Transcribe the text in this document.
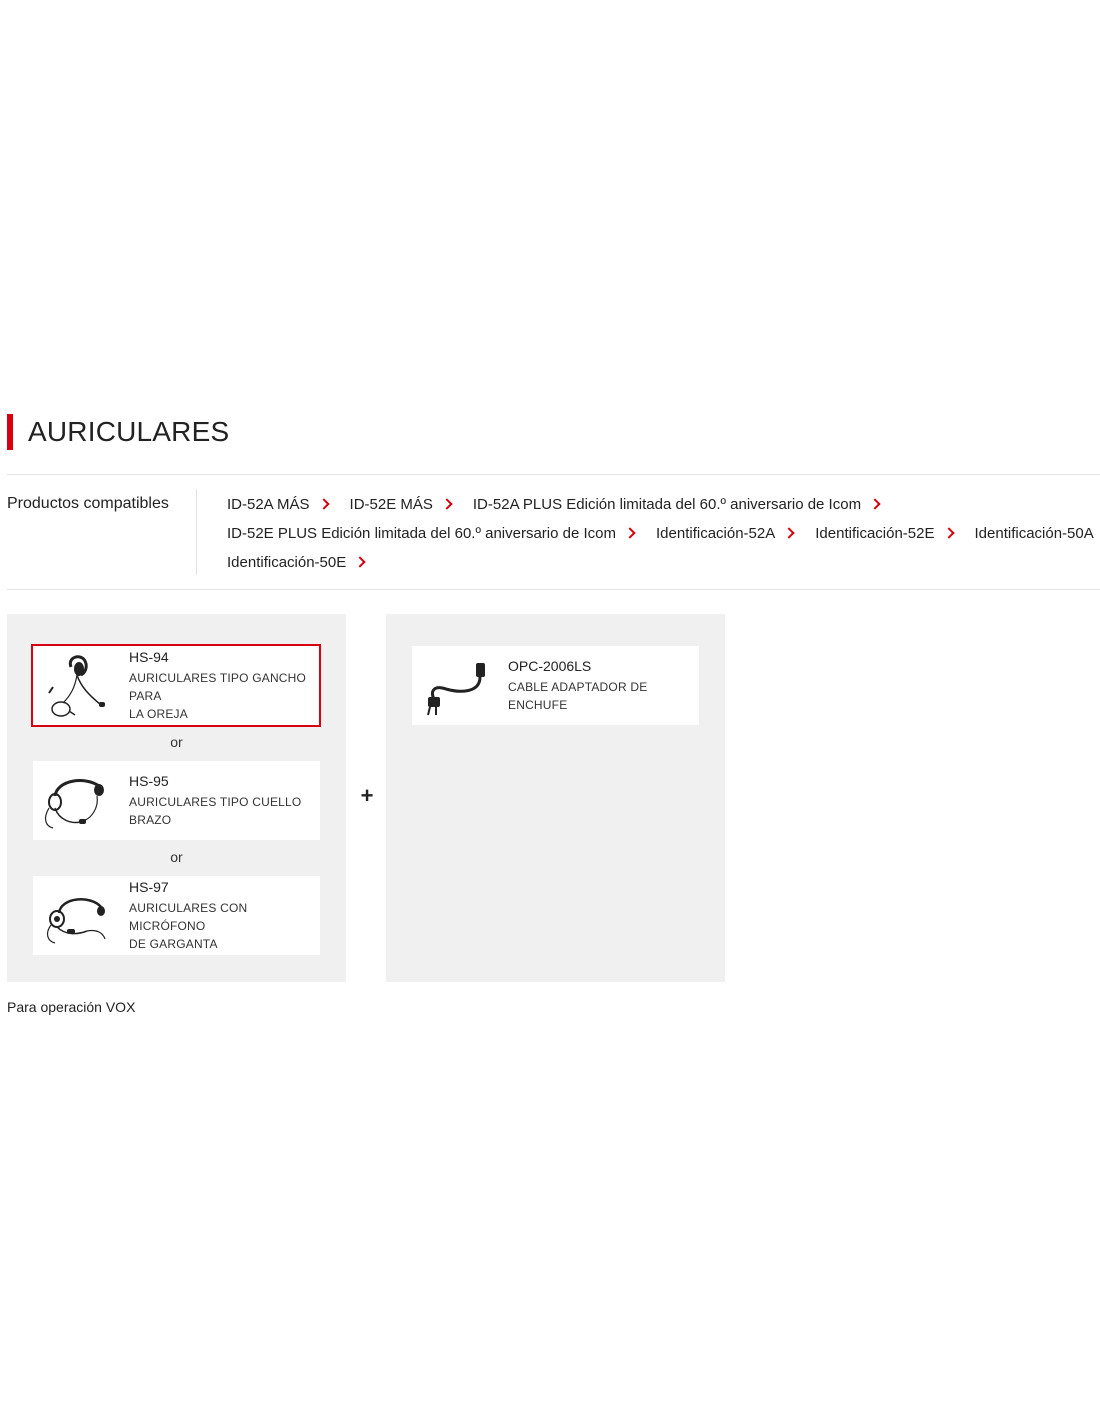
AURICULARES
Productos compatibles	ID-52A MÁS	ID-52E MÁS	ID-52A PLUS Edición limitada del 60.º aniversario de Icom
ID-52E PLUS Edición limitada del 60.º aniversario de Icom	Identificación-52A	Identificación-52E	Identificación-50A
Identificación-50E
HS-94
AURICULARES TIPO GANCHO PARA
LA OREJA
or
HS-95
AURICULARES TIPO CUELLO
BRAZO
or
HS-97
AURICULARES CON MICRÓFONO
DE GARGANTA
+
OPC-2006LS
CABLE ADAPTADOR DE ENCHUFE
Para operación VOX
